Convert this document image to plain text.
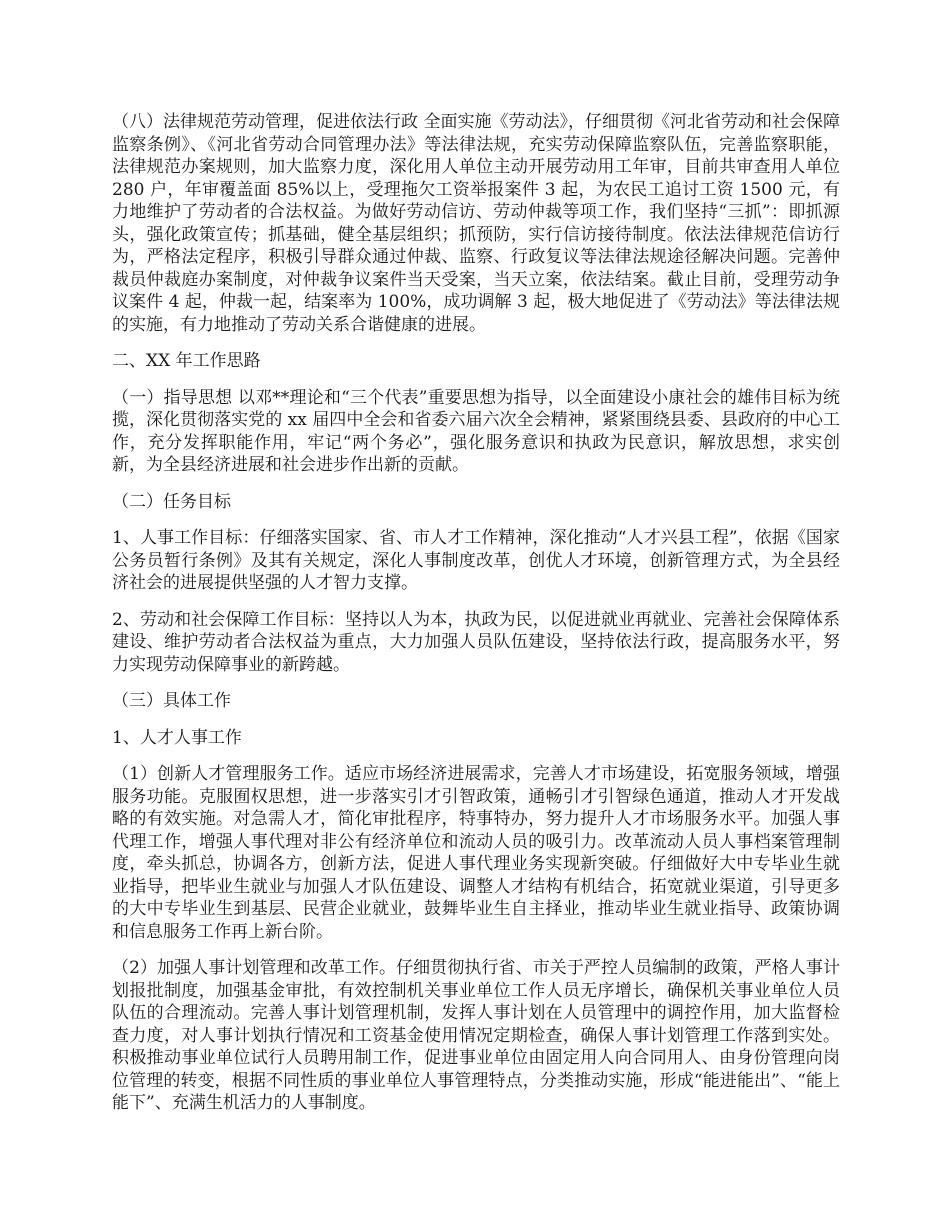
（八）法律规范劳动管理，促进依法行政 全面实施《劳动法》，仔细贯彻《河北省劳动和社会保障监察条例》、《河北省劳动合同管理办法》等法律法规，充实劳动保障监察队伍，完善监察职能，法律规范办案规则，加大监察力度，深化用人单位主动开展劳动用工年审，目前共审查用人单位 280 户，年审覆盖面 85%以上，受理拖欠工资举报案件 3 起，为农民工追讨工资 1500 元，有力地维护了劳动者的合法权益。为做好劳动信访、劳动仲裁等项工作，我们坚持“三抓”：即抓源头，强化政策宣传；抓基础，健全基层组织；抓预防，实行信访接待制度。依法法律规范信访行为，严格法定程序，积极引导群众通过仲裁、监察、行政复议等法律法规途径解决问题。完善仲裁员仲裁庭办案制度，对仲裁争议案件当天受案，当天立案，依法结案。截止目前，受理劳动争议案件 4 起，仲裁一起，结案率为 100%，成功调解 3 起，极大地促进了《劳动法》等法律法规的实施，有力地推动了劳动关系合谐健康的进展。

二、XX 年工作思路

（一）指导思想 以邓**理论和“三个代表”重要思想为指导，以全面建设小康社会的雄伟目标为统揽，深化贯彻落实党的 xx 届四中全会和省委六届六次全会精神，紧紧围绕县委、县政府的中心工作，充分发挥职能作用，牢记“两个务必”，强化服务意识和执政为民意识，解放思想，求实创新，为全县经济进展和社会进步作出新的贡献。

（二）任务目标

1、人事工作目标：仔细落实国家、省、市人才工作精神，深化推动“人才兴县工程”，依据《国家公务员暂行条例》及其有关规定，深化人事制度改革，创优人才环境，创新管理方式，为全县经济社会的进展提供坚强的人才智力支撑。

2、劳动和社会保障工作目标：坚持以人为本，执政为民，以促进就业再就业、完善社会保障体系建设、维护劳动者合法权益为重点，大力加强人员队伍建设，坚持依法行政，提高服务水平，努力实现劳动保障事业的新跨越。

（三）具体工作

1、人才人事工作

（1）创新人才管理服务工作。适应市场经济进展需求，完善人才市场建设，拓宽服务领域，增强服务功能。克服囿权思想，进一步落实引才引智政策，通畅引才引智绿色通道，推动人才开发战略的有效实施。对急需人才，简化审批程序，特事特办，努力提升人才市场服务水平。加强人事代理工作，增强人事代理对非公有经济单位和流动人员的吸引力。改革流动人员人事档案管理制度，牵头抓总，协调各方，创新方法，促进人事代理业务实现新突破。仔细做好大中专毕业生就业指导，把毕业生就业与加强人才队伍建设、调整人才结构有机结合，拓宽就业渠道，引导更多的大中专毕业生到基层、民营企业就业，鼓舞毕业生自主择业，推动毕业生就业指导、政策协调和信息服务工作再上新台阶。

（2）加强人事计划管理和改革工作。仔细贯彻执行省、市关于严控人员编制的政策，严格人事计划报批制度，加强基金审批，有效控制机关事业单位工作人员无序增长，确保机关事业单位人员队伍的合理流动。完善人事计划管理机制，发挥人事计划在人员管理中的调控作用，加大监督检查力度，对人事计划执行情况和工资基金使用情况定期检查，确保人事计划管理工作落到实处。积极推动事业单位试行人员聘用制工作，促进事业单位由固定用人向合同用人、由身份管理向岗位管理的转变，根据不同性质的事业单位人事管理特点，分类推动实施，形成“能进能出”、“能上能下”、充满生机活力的人事制度。
